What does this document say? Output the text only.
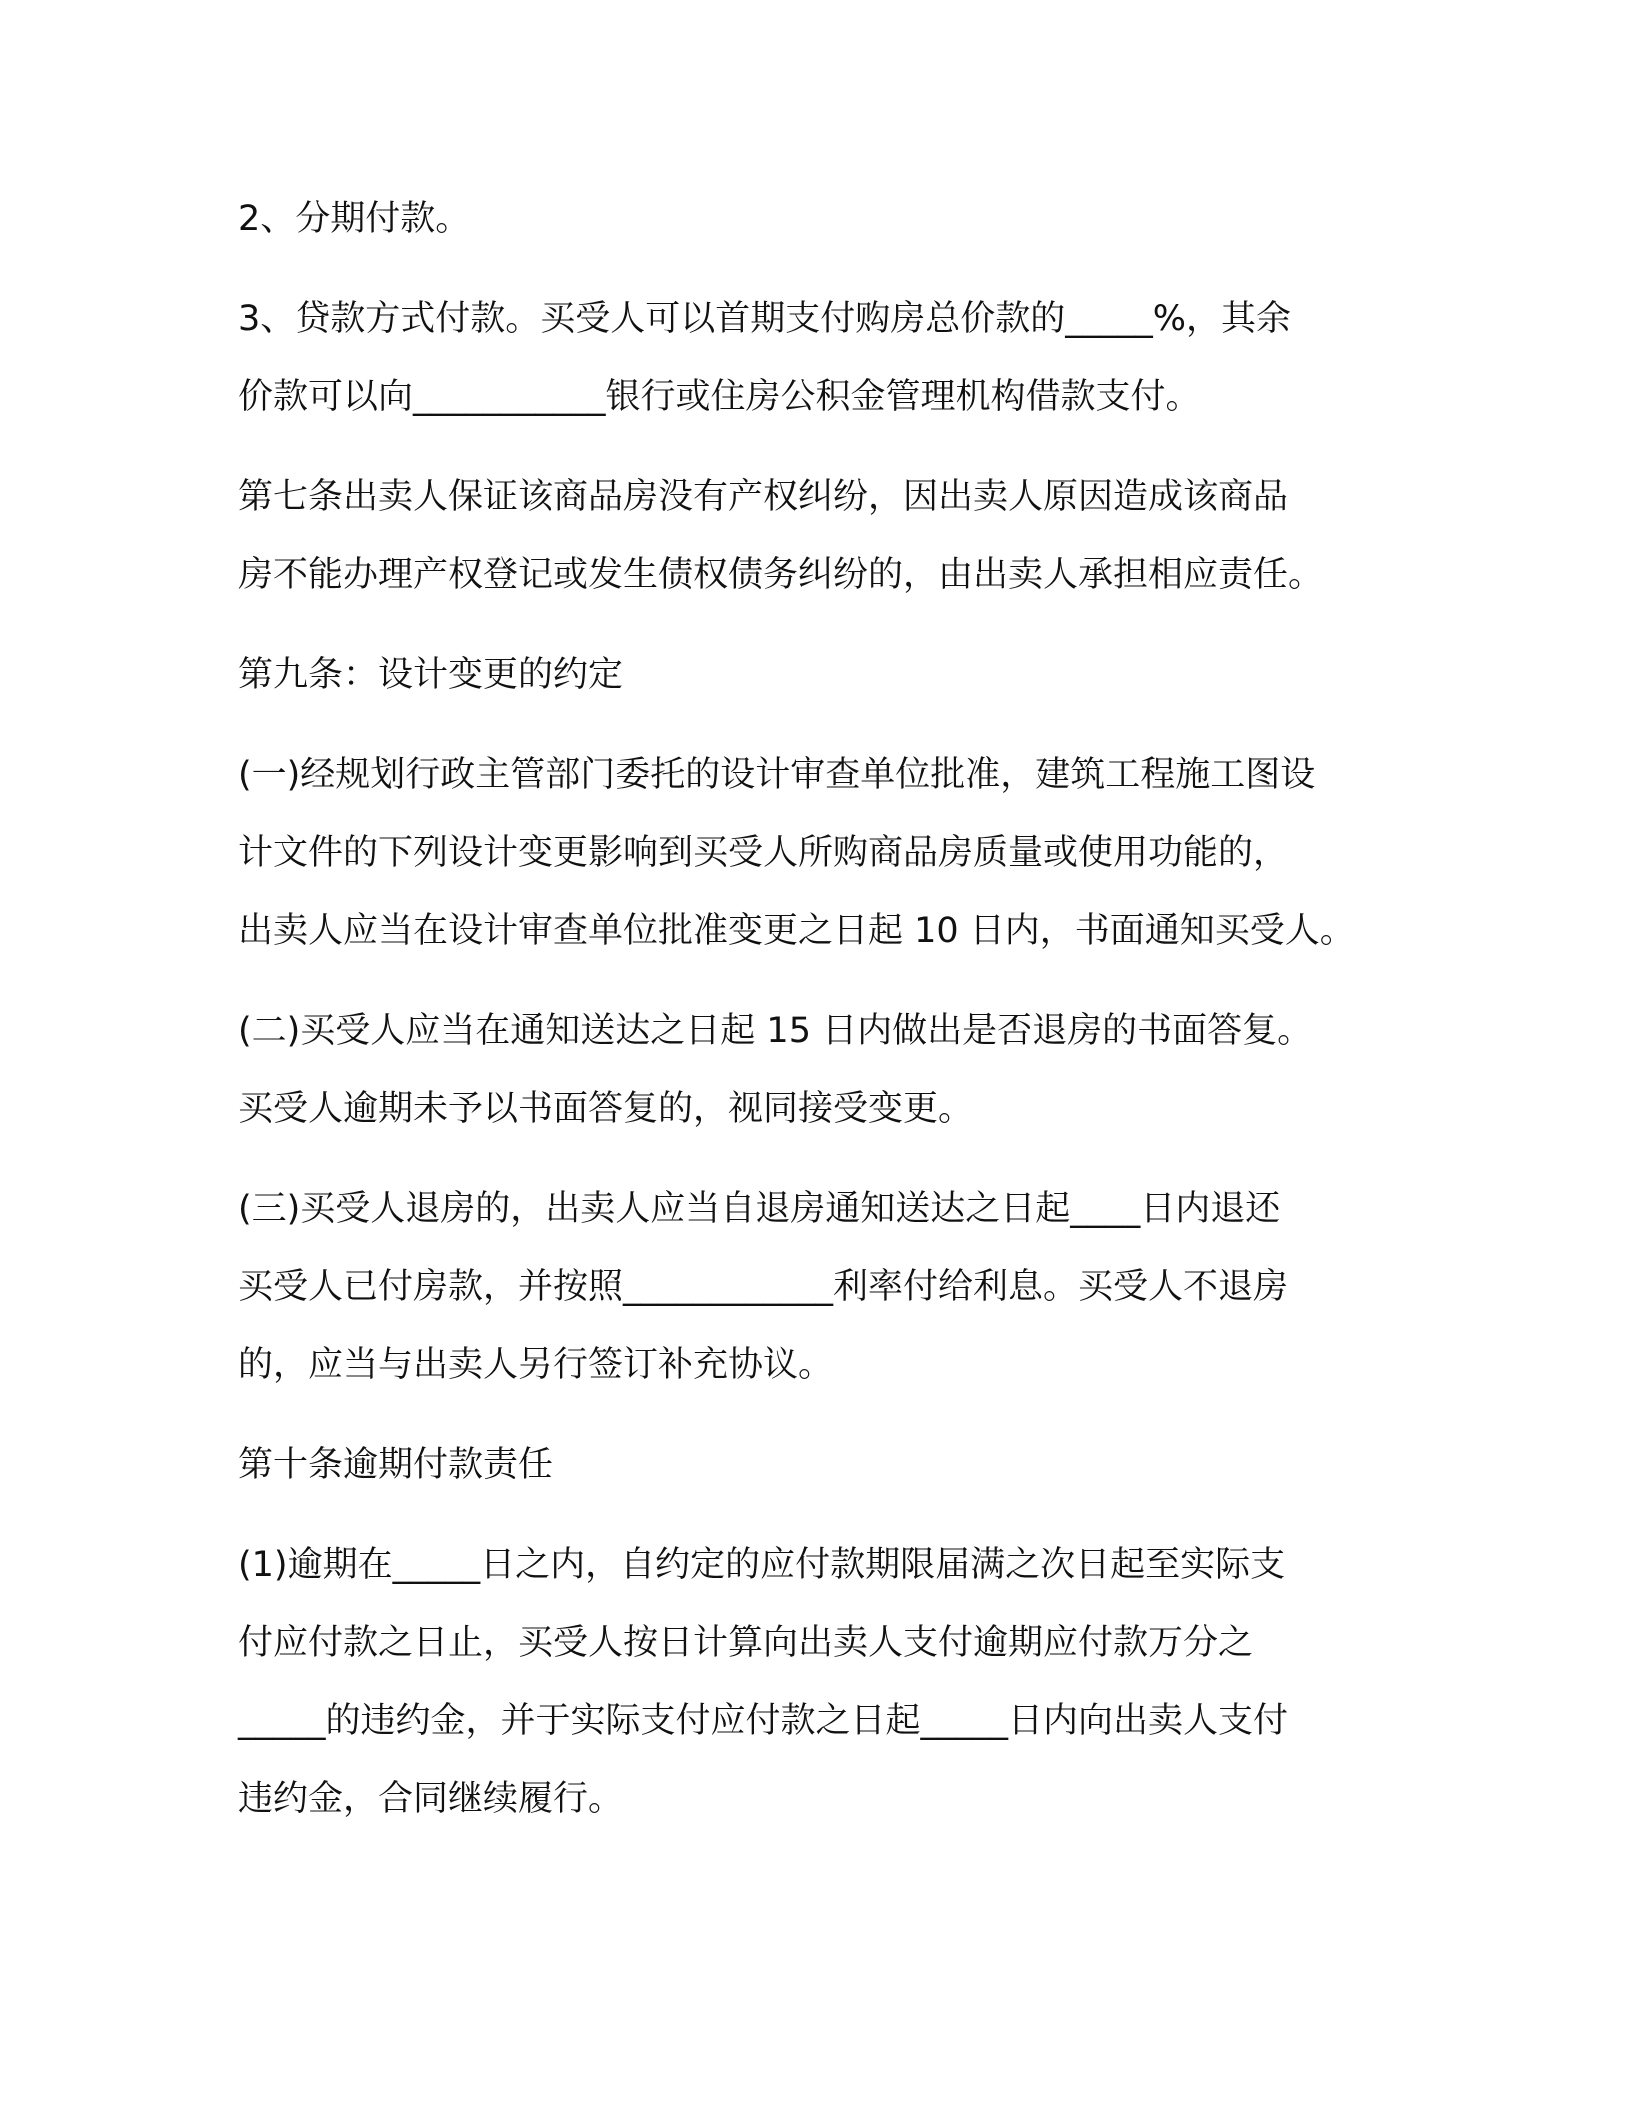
2、分期付款。

3、贷款方式付款。买受人可以首期支付购房总价款的_____%，其余
价款可以向___________银行或住房公积金管理机构借款支付。

第七条出卖人保证该商品房没有产权纠纷，因出卖人原因造成该商品
房不能办理产权登记或发生债权债务纠纷的，由出卖人承担相应责任。

第九条：设计变更的约定

(一)经规划行政主管部门委托的设计审查单位批准，建筑工程施工图设
计文件的下列设计变更影响到买受人所购商品房质量或使用功能的，
出卖人应当在设计审查单位批准变更之日起 10 日内，书面通知买受人。

(二)买受人应当在通知送达之日起 15 日内做出是否退房的书面答复。
买受人逾期未予以书面答复的，视同接受变更。

(三)买受人退房的，出卖人应当自退房通知送达之日起____日内退还
买受人已付房款，并按照____________利率付给利息。买受人不退房
的，应当与出卖人另行签订补充协议。

第十条逾期付款责任

(1)逾期在_____日之内，自约定的应付款期限届满之次日起至实际支
付应付款之日止，买受人按日计算向出卖人支付逾期应付款万分之
_____的违约金，并于实际支付应付款之日起_____日内向出卖人支付
违约金，合同继续履行。
